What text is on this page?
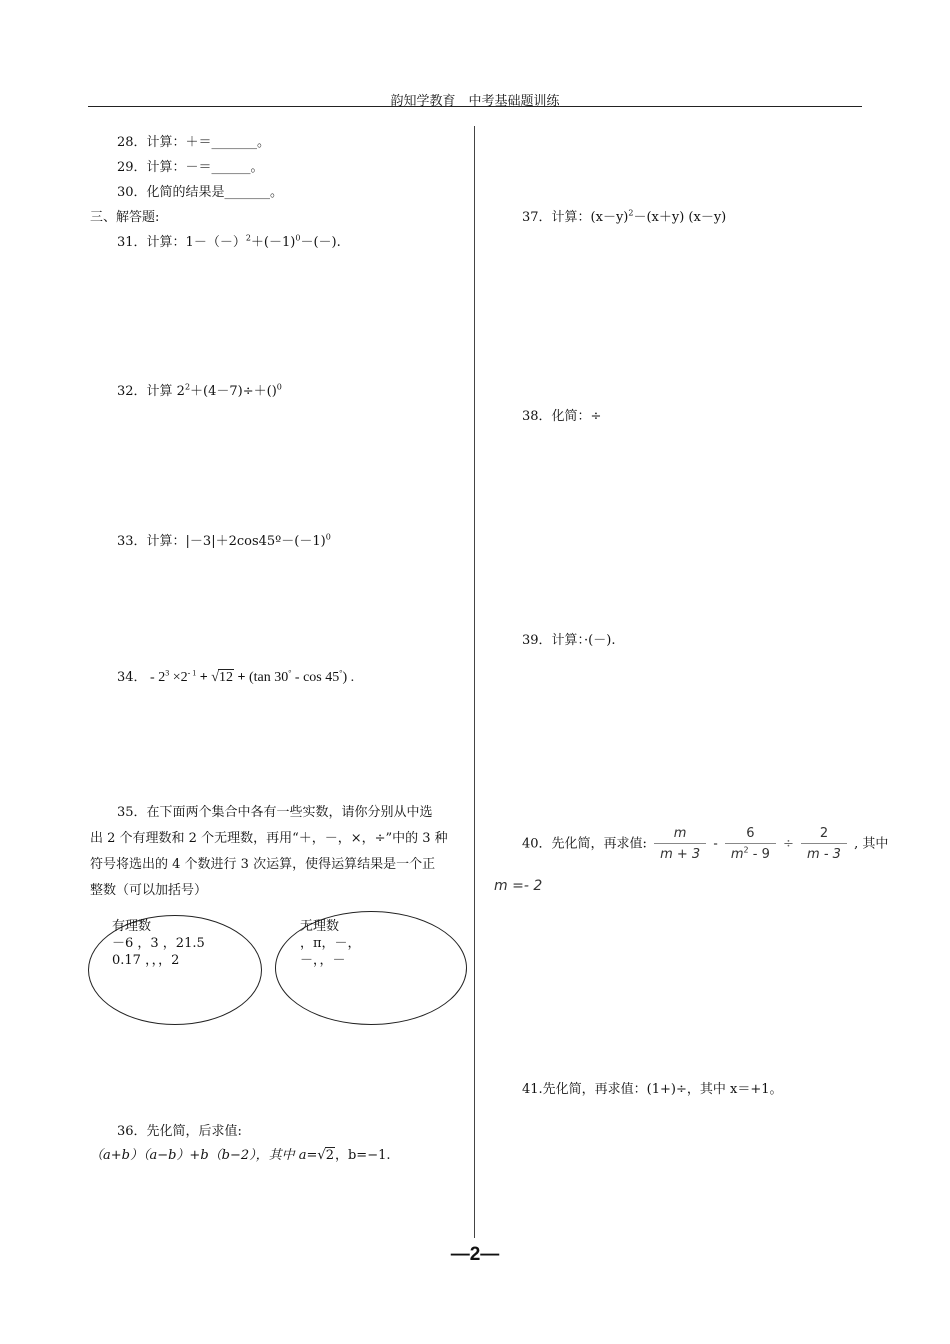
韵知学教育　中考基础题训练
28．计算：＋＝_______。
29．计算：－＝______。
30．化简的结果是_______。
三、解答题:
31．计算：$1-(-)^2+(-1)^0-(-)$.
32．计算 $2^2+(4-7)\div+()^0$
33．计算：$|-3|+2\cos 45º-(-1)^0$
34． - $2^3 \times 2^{- 1} + √12 + (\tan$ 30° - cos 45°) .
35．在下面两个集合中各有一些实数，请你分别从中选
出 2 个有理数和 2 个无理数，再用“＋，－，×，÷”中的 3 种
符号将选出的 4 个数进行 3 次运算，使得运算结果是一个正
整数（可以加括号）
有理数
－6 ，3 ，21.5
0.17 ，，，2
无理数
，π，－，
－，，－
36．先化简，后求值:
（a+b）（a−b）+b（b−2），其中 a=√2，b=−1.
37．计算：$(x-y)^2-(x+y)$ (x－y)
38．化简：÷
39．计算：·(－).
40．先化简，再求值: $\frac{m}{m + 3} - \frac{6}{m^2 - 9} \div \frac{2}{m - 3}$ , 其中
m =- 2
41.先化简，再求值：(1+)÷，其中 x＝+1。
—2—
